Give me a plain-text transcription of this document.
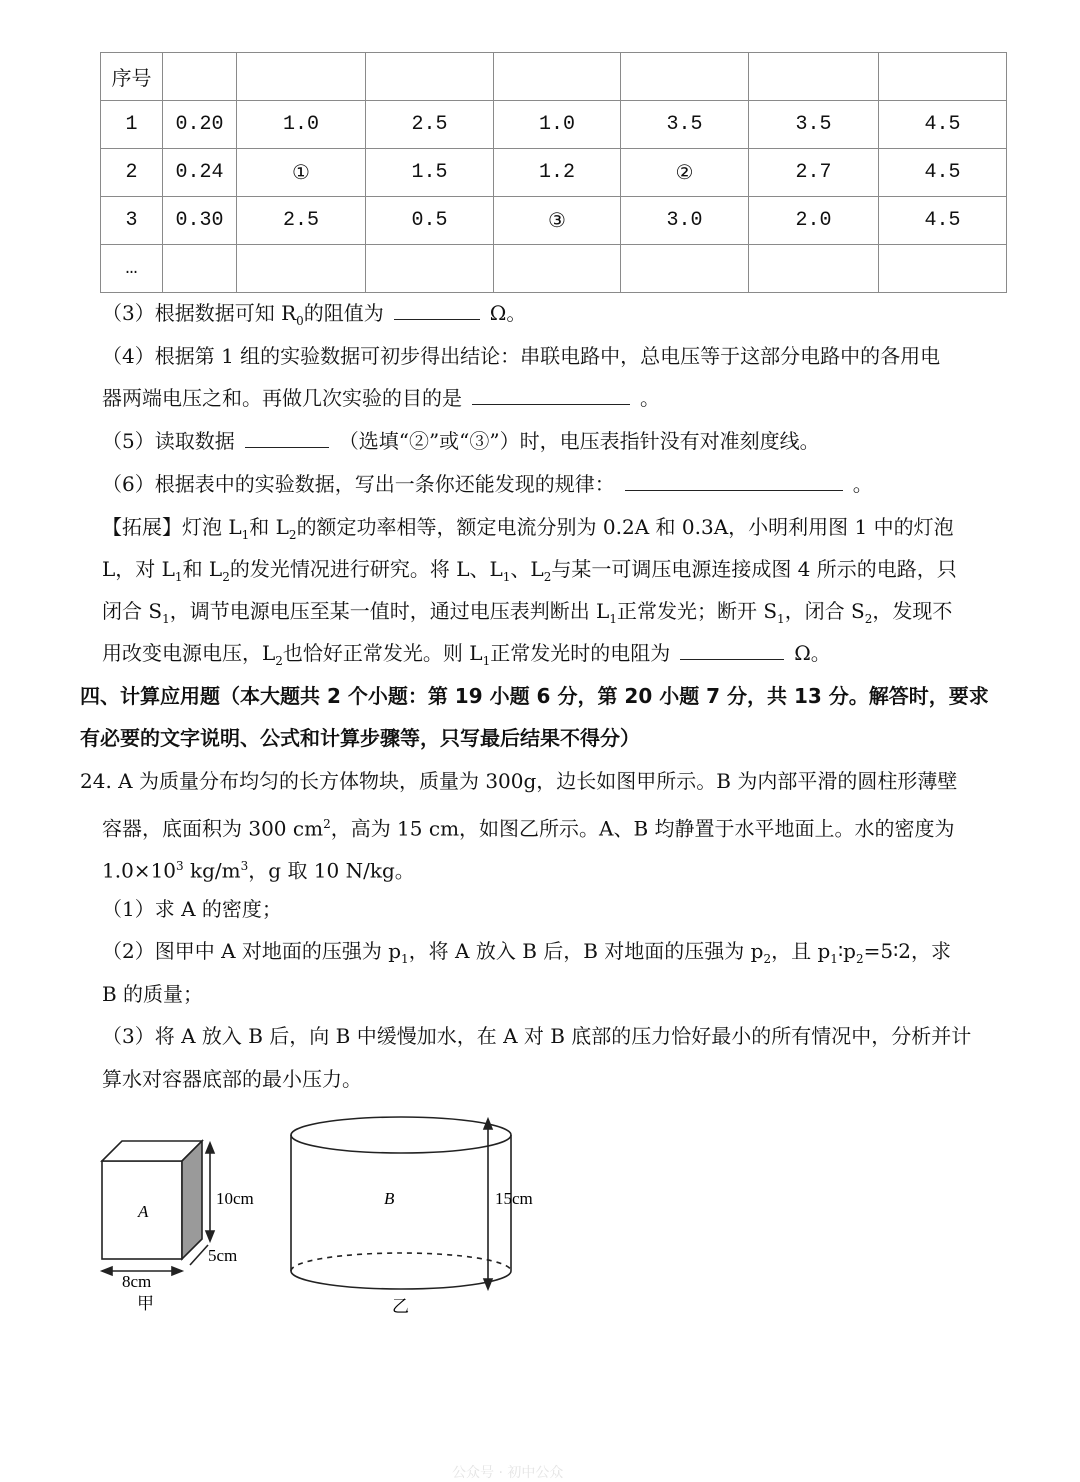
序号							
1	0.20	1.0	2.5	1.0	3.5	3.5	4.5
2	0.24	①	1.5	1.2	②	2.7	4.5
3	0.30	2.5	0.5	③	3.0	2.0	4.5
…							
（3）根据数据可知 $R_0$的阻值为	Ω。
（4）根据第 1 组的实验数据可初步得出结论：串联电路中，总电压等于这部分电路中的各用电
器两端电压之和。再做几次实验的目的是	。
（5）读取数据	（选填“②”或“③”）时，电压表指针没有对准刻度线。
（6）根据表中的实验数据，写出一条你还能发现的规律：	。
【拓展】灯泡 $L_1$和 $L_2$的额定功率相等，额定电流分别为 0.2A 和 0.3A，小明利用图 1 中的灯泡
L，对 $L_1$和 $L_2$的发光情况进行研究。将 L、$L_1$、$L_2$与某一可调压电源连接成图 4 所示的电路，只
闭合 $S_1$，调节电源电压至某一值时，通过电压表判断出 $L_1$正常发光；断开 $S_1$，闭合 $S_2$，发现不
用改变电源电压，$L_2$也恰好正常发光。则 $L_1$正常发光时的电阻为	Ω。
四、计算应用题（本大题共 2 个小题：第 19 小题 6 分，第 20 小题 7 分，共 13 分。解答时，要求
有必要的文字说明、公式和计算步骤等，只写最后结果不得分）
24. A 为质量分布均匀的长方体物块，质量为 300g，边长如图甲所示。B 为内部平滑的圆柱形薄壁
容器，底面积为 300 $cm^2$，高为 15 cm，如图乙所示。A、B 均静置于水平地面上。水的密度为
$1.0\times 10^3$ $kg/m^3$，g 取 10 N/kg。
（1）求 A 的密度；
（2）图甲中 A 对地面的压强为 $p_1$，将 A 放入 B 后，B 对地面的压强为 $p_2$，且 $p_1∶p_2=5∶2$，求
B 的质量；
（3）将 A 放入 B 后，向 B 中缓慢加水，在 A 对 B 底部的压力恰好最小的所有情况中，分析并计
算水对容器底部的最小压力。
A
10cm
5cm
8cm
甲
B	15cm
乙
公众号 · 初中公众
